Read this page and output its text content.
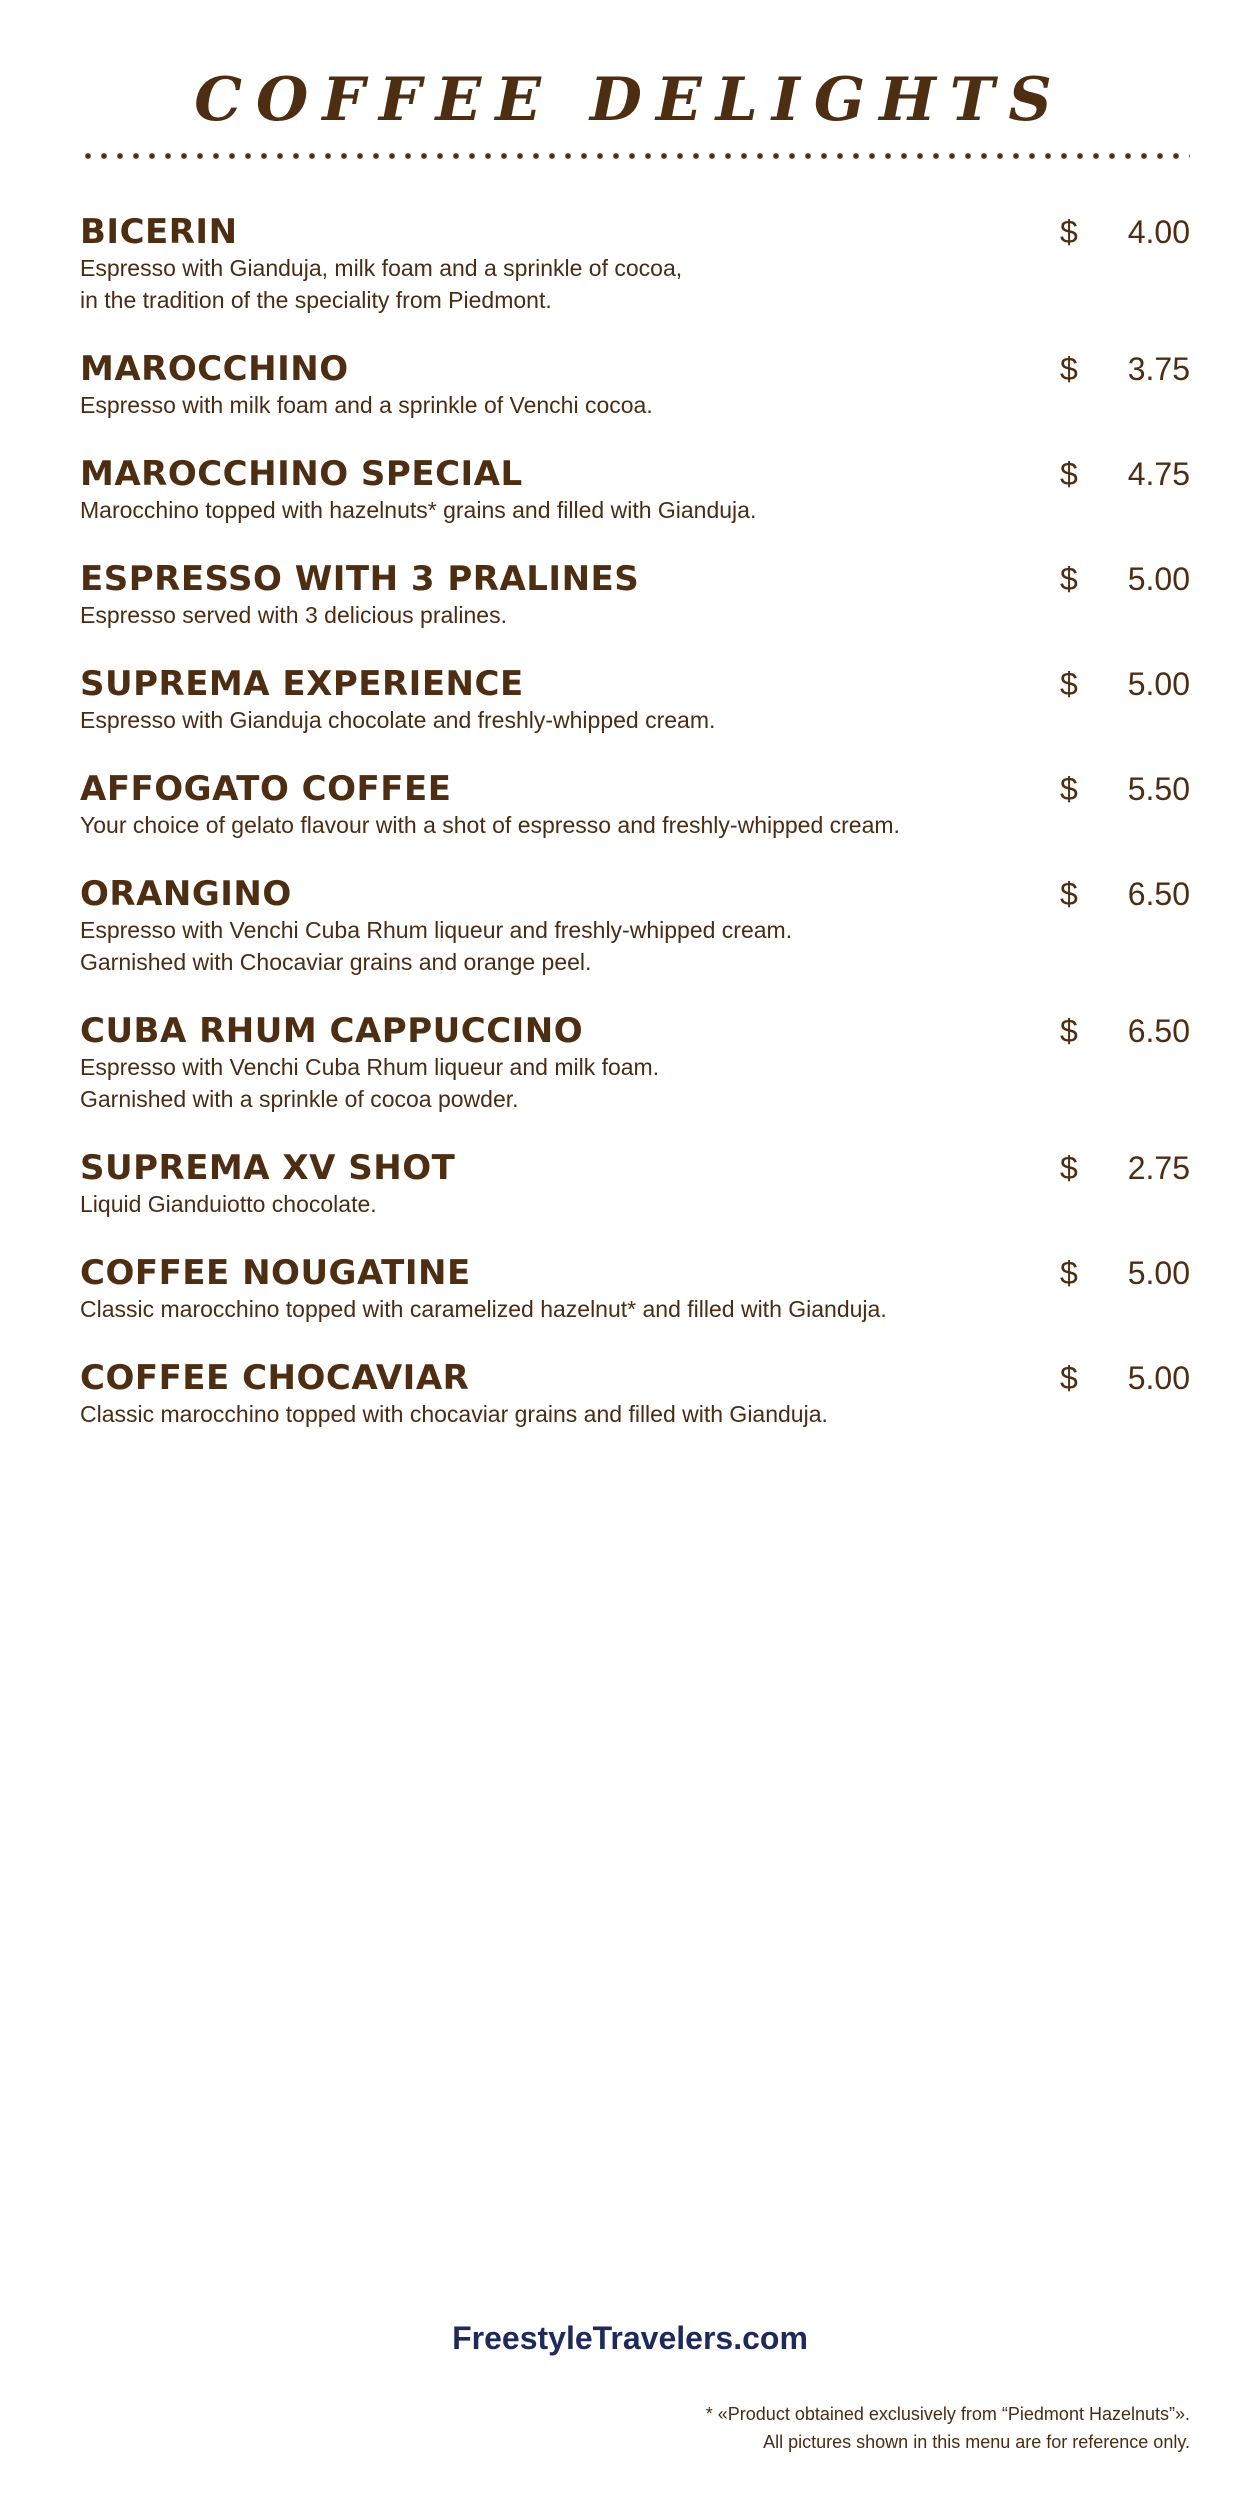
COFFEE DELIGHTS
BICERIN
Espresso with Gianduja, milk foam and a sprinkle of cocoa,
in the tradition of the speciality from Piedmont.
$ 4.00
MAROCCHINO
Espresso with milk foam and a sprinkle of Venchi cocoa.
$ 3.75
MAROCCHINO SPECIAL
Marocchino topped with hazelnuts* grains and filled with Gianduja.
$ 4.75
ESPRESSO WITH 3 PRALINES
Espresso served with 3 delicious pralines.
$ 5.00
SUPREMA EXPERIENCE
Espresso with Gianduja chocolate and freshly-whipped cream.
$ 5.00
AFFOGATO COFFEE
Your choice of gelato flavour with a shot of espresso and freshly-whipped cream.
$ 5.50
ORANGINO
Espresso with Venchi Cuba Rhum liqueur and freshly-whipped cream.
Garnished with Chocaviar grains and orange peel.
$ 6.50
CUBA RHUM CAPPUCCINO
Espresso with Venchi Cuba Rhum liqueur and milk foam.
Garnished with a sprinkle of cocoa powder.
$ 6.50
SUPREMA XV SHOT
Liquid Gianduiotto chocolate.
$ 2.75
COFFEE NOUGATINE
Classic marocchino topped with caramelized hazelnut* and filled with Gianduja.
$ 5.00
COFFEE CHOCAVIAR
Classic marocchino topped with chocaviar grains and filled with Gianduja.
$ 5.00
FreestyleTravelers.com
* «Product obtained exclusively from “Piedmont Hazelnuts”».
All pictures shown in this menu are for reference only.
